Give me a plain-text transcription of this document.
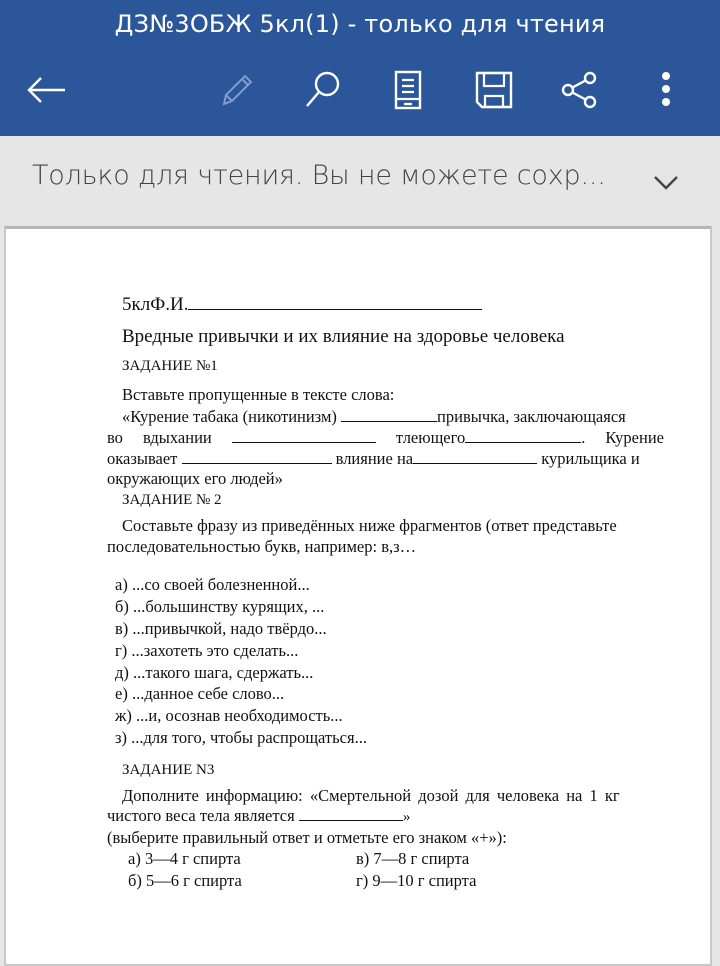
ДЗ№3ОБЖ 5кл(1) - только для чтения
Только для чтения. Вы не можете сохр...
5клФ.И.
Вредные привычки и их влияние на здоровье человека
ЗАДАНИЕ №1
Вставьте пропущенные в тексте слова:
«Курение табака (никотинизм)	привычка, заключающаяся
во вдыхании	тлеющего	. Курение
оказывает	влияние на	курильщика и
окружающих его людей»
ЗАДАНИЕ № 2
Составьте фразу из приведённых ниже фрагментов (ответ представьте
последовательностью букв, например: в,з…
а) ...со своей болезненной...
б) ...большинству курящих, ...
в) ...привычкой, надо твёрдо...
г) ...захотеть это сделать...
д) ...такого шага, сдержать...
е) ...данное себе слово...
ж) ...и, осознав необходимость...
з) ...для того, чтобы распрощаться...
ЗАДАНИЕ N3
Дополните информацию: «Смертельной дозой для человека на 1 кг
чистого веса тела является	»
(выберите правильный ответ и отметьте его знаком «+»):
а) 3—4 г спирта	в) 7—8 г спирта
б) 5—6 г спирта	г) 9—10 г спирта
